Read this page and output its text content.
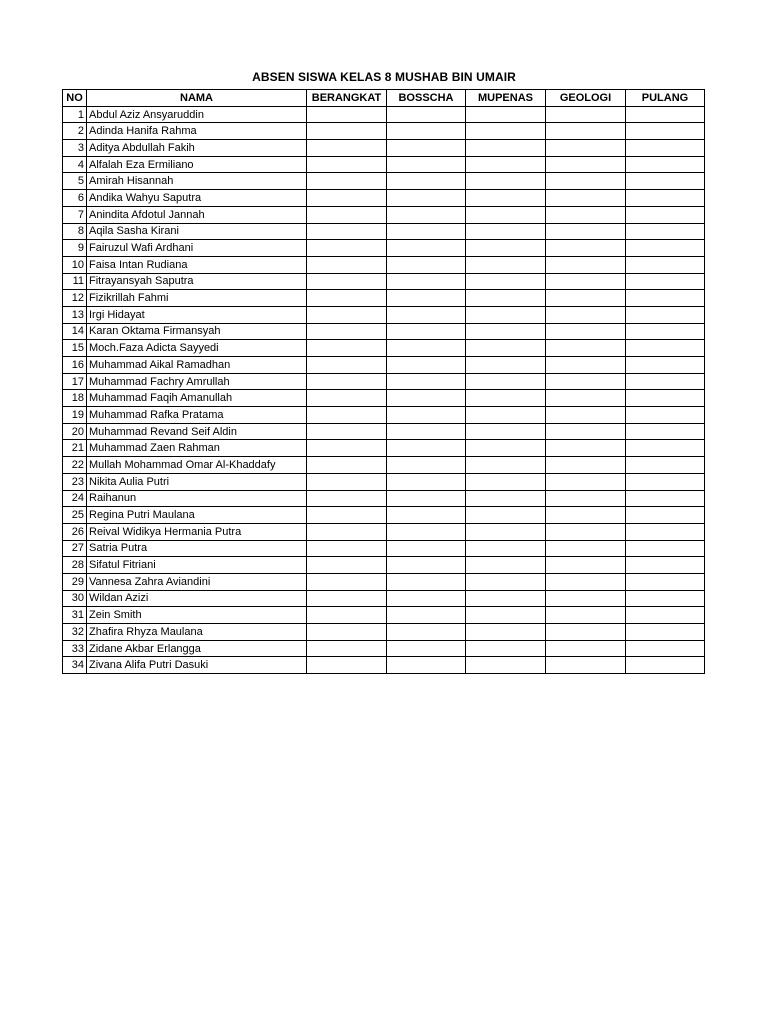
ABSEN SISWA KELAS 8 MUSHAB BIN UMAIR
NO	NAMA	BERANGKAT	BOSSCHA	MUPENAS	GEOLOGI	PULANG
1	Abdul Aziz Ansyaruddin					
2	Adinda Hanifa Rahma					
3	Aditya Abdullah Fakih					
4	Alfalah Eza Ermiliano					
5	Amirah Hisannah					
6	Andika Wahyu Saputra					
7	Anindita Afdotul Jannah					
8	Aqila Sasha Kirani					
9	Fairuzul Wafi Ardhani					
10	Faisa Intan Rudiana					
11	Fitrayansyah Saputra					
12	Fizikrillah Fahmi					
13	Irgi Hidayat					
14	Karan Oktama Firmansyah					
15	Moch.Faza Adicta Sayyedi					
16	Muhammad Aikal Ramadhan					
17	Muhammad Fachry Amrullah					
18	Muhammad Faqih Amanullah					
19	Muhammad Rafka Pratama					
20	Muhammad Revand Seif Aldin					
21	Muhammad Zaen Rahman					
22	Mullah Mohammad Omar Al-Khaddafy					
23	Nikita Aulia Putri					
24	Raihanun					
25	Regina Putri Maulana					
26	Reival Widikya Hermania Putra					
27	Satria Putra					
28	Sifatul Fitriani					
29	Vannesa Zahra Aviandini					
30	Wildan Azizi					
31	Zein Smith					
32	Zhafira Rhyza Maulana					
33	Zidane Akbar Erlangga					
34	Zivana Alifa Putri Dasuki					
